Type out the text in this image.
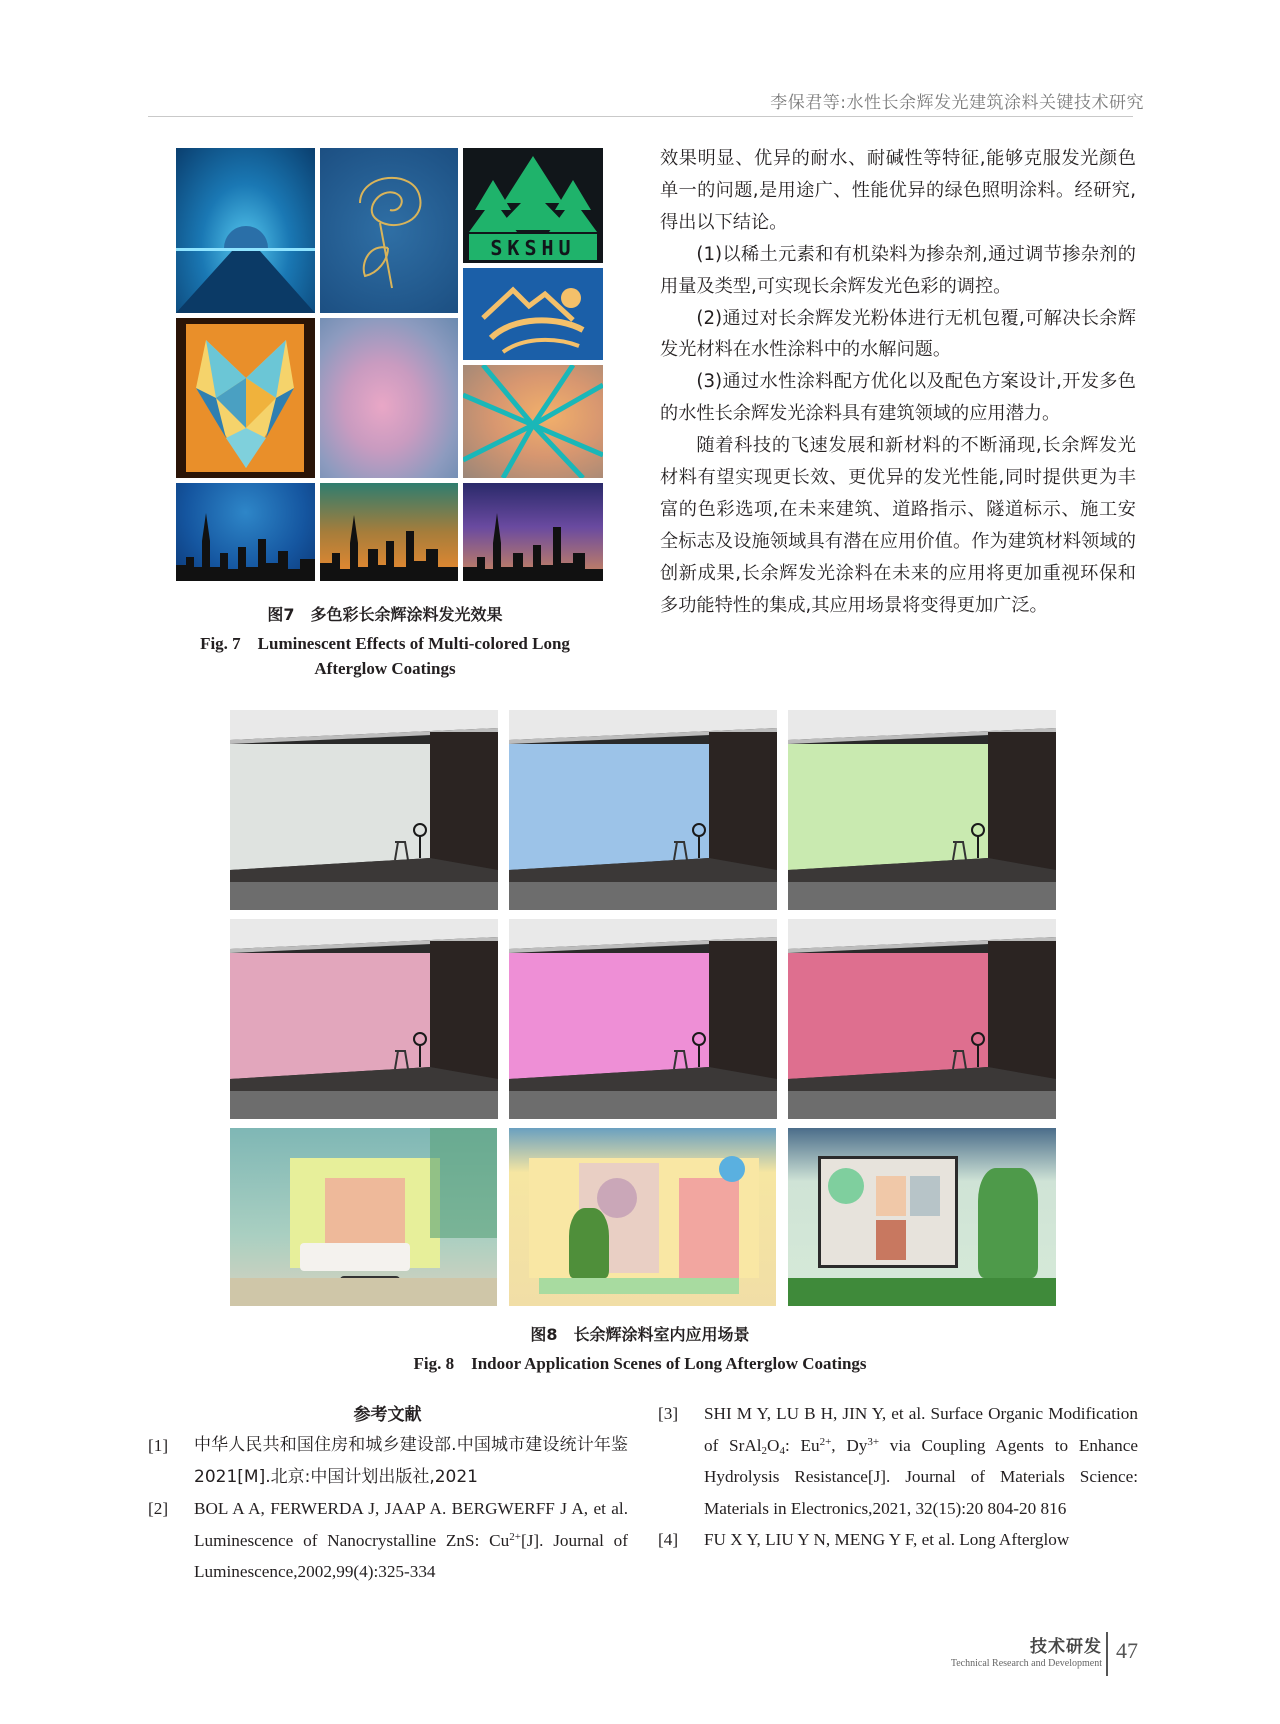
李保君等:水性长余辉发光建筑涂料关键技术研究
SKSHU
图7　多色彩长余辉涂料发光效果
Fig. 7　Luminescent Effects of Multi-colored Long
Afterglow Coatings

效果明显、优异的耐水、耐碱性等特征,能够克服发光颜色单一的问题,是用途广、性能优异的绿色照明涂料。经研究,得出以下结论。

(1)以稀土元素和有机染料为掺杂剂,通过调节掺杂剂的用量及类型,可实现长余辉发光色彩的调控。

(2)通过对长余辉发光粉体进行无机包覆,可解决长余辉发光材料在水性涂料中的水解问题。

(3)通过水性涂料配方优化以及配色方案设计,开发多色的水性长余辉发光涂料具有建筑领域的应用潜力。

随着科技的飞速发展和新材料的不断涌现,长余辉发光材料有望实现更长效、更优异的发光性能,同时提供更为丰富的色彩选项,在未来建筑、道路指示、隧道标示、施工安全标志及设施领域具有潜在应用价值。作为建筑材料领域的创新成果,长余辉发光涂料在未来的应用将更加重视环保和多功能特性的集成,其应用场景将变得更加广泛。

图8　长余辉涂料室内应用场景
Fig. 8　Indoor Application Scenes of Long Afterglow Coatings
参考文献
[1] 中华人民共和国住房和城乡建设部.中国城市建设统计年鉴2021[M].北京:中国计划出版社,2021
[2] BOL A A, FERWERDA J, JAAP A. BERGWERFF J A, et al. Luminescence of Nanocrystalline ZnS: $Cu^{2+}[J]$. Journal of Luminescence,2002,99(4):325-334
[3] SHI M Y, LU B H, JIN Y, et al. Surface Organic Modification of $SrAl_2O_4$: $Eu^{2+}$, $Dy^{3+}$ via Coupling Agents to Enhance Hydrolysis Resistance[J]. Journal of Materials Science: Materials in Electronics,2021, 32(15):20 804-20 816
[4] FU X Y, LIU Y N, MENG Y F, et al. Long Afterglow
技术研发
Technical Research and Development
47
